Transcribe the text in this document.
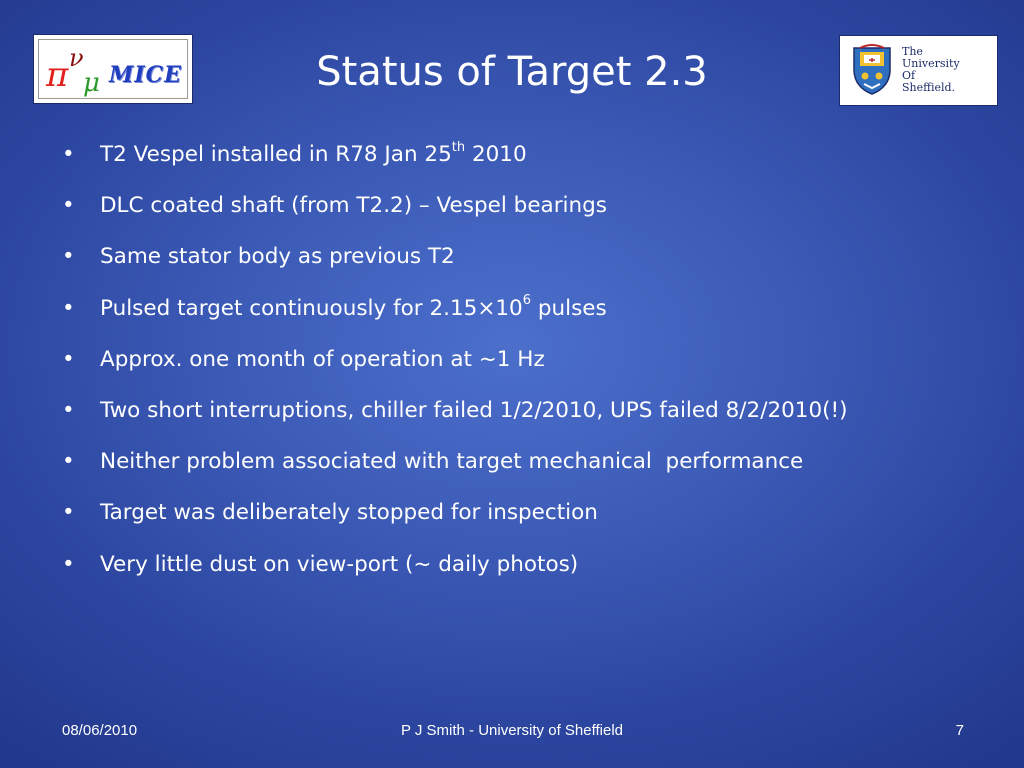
π ν
μ MICE	Status of Target 2.3	The
University
Of
Sheffield.
• T2 Vespel installed in R78 Jan 25th 2010
• DLC coated shaft (from T2.2) – Vespel bearings
• Same stator body as previous T2
• Pulsed target continuously for $2.15\times 10^6$ pulses
• Approx. one month of operation at ~1 Hz
• Two short interruptions, chiller failed 1/2/2010, UPS failed 8/2/2010(!)
• Neither problem associated with target mechanical  performance
• Target was deliberately stopped for inspection
• Very little dust on view-port (~ daily photos)
08/06/2010	P J Smith - University of Sheffield	7
